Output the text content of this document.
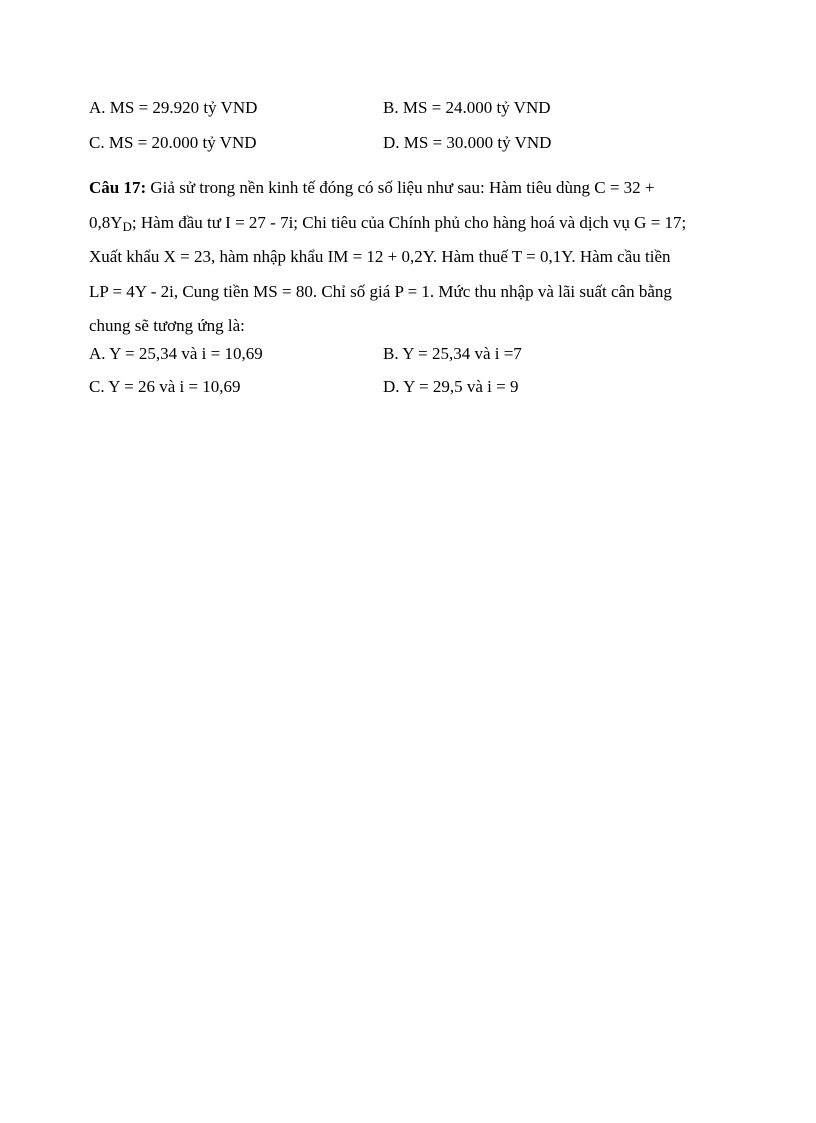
A. MS = 29.920 tỷ VND	B. MS = 24.000 tỷ VND
C. MS = 20.000 tỷ VND	D. MS = 30.000 tỷ VND
Câu 17: Giả sử trong nền kinh tế đóng có số liệu như sau: Hàm tiêu dùng C = 32 +
0,8YD; Hàm đầu tư I = 27 - 7i; Chi tiêu của Chính phủ cho hàng hoá và dịch vụ G = 17;
Xuất khẩu X = 23, hàm nhập khẩu IM = 12 + 0,2Y. Hàm thuế T = 0,1Y. Hàm cầu tiền
LP = 4Y - 2i, Cung tiền MS = 80. Chỉ số giá P = 1. Mức thu nhập và lãi suất cân bằng
chung sẽ tương ứng là:
A. Y = 25,34 và i = 10,69	B. Y = 25,34 và i =7
C. Y = 26 và i = 10,69	D. Y = 29,5 và i = 9
